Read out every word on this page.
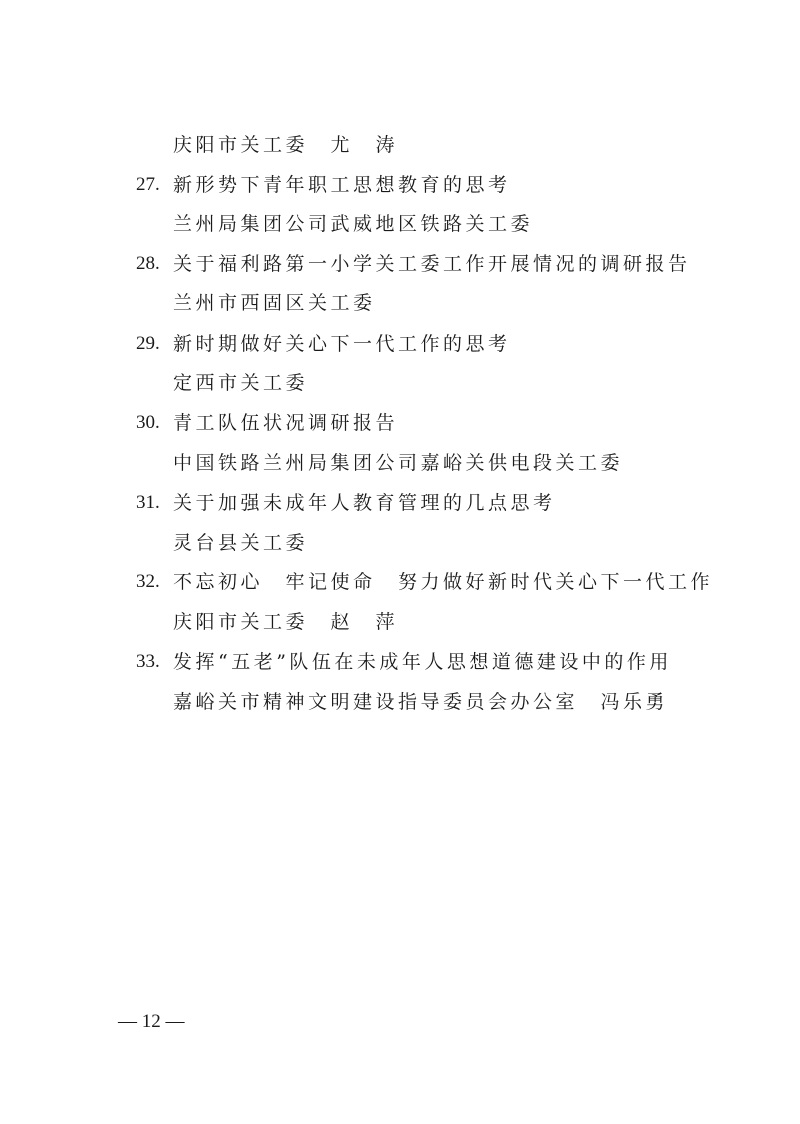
庆阳市关工委　尤　涛
27. 新形势下青年职工思想教育的思考
兰州局集团公司武威地区铁路关工委
28. 关于福利路第一小学关工委工作开展情况的调研报告
兰州市西固区关工委
29. 新时期做好关心下一代工作的思考
定西市关工委
30. 青工队伍状况调研报告
中国铁路兰州局集团公司嘉峪关供电段关工委
31. 关于加强未成年人教育管理的几点思考
灵台县关工委
32. 不忘初心　牢记使命　努力做好新时代关心下一代工作
庆阳市关工委　赵　萍
33. 发挥“五老”队伍在未成年人思想道德建设中的作用
嘉峪关市精神文明建设指导委员会办公室　冯乐勇
— 12 —
